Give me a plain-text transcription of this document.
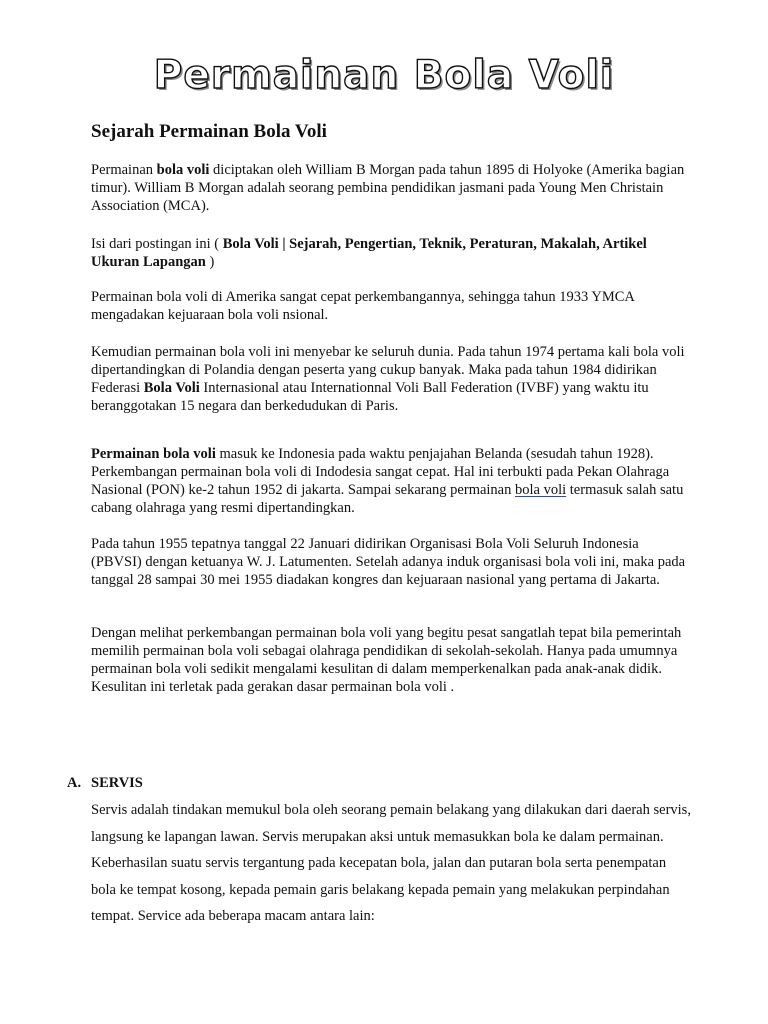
Permainan Bola Voli
Sejarah Permainan Bola Voli

Permainan bola voli diciptakan oleh William B Morgan pada tahun 1895 di Holyoke (Amerika bagian timur). William B Morgan adalah seorang pembina pendidikan jasmani pada Young Men Christain Association (MCA).

Isi dari postingan ini ( Bola Voli | Sejarah, Pengertian, Teknik, Peraturan, Makalah, Artikel Ukuran Lapangan )

Permainan bola voli di Amerika sangat cepat perkembangannya, sehingga tahun 1933 YMCA mengadakan kejuaraan bola voli nsional.

Kemudian permainan bola voli ini menyebar ke seluruh dunia. Pada tahun 1974 pertama kali bola voli dipertandingkan di Polandia dengan peserta yang cukup banyak. Maka pada tahun 1984 didirikan Federasi Bola Voli Internasional atau Internationnal Voli Ball Federation (IVBF) yang waktu itu beranggotakan 15 negara dan berkedudukan di Paris.

Permainan bola voli masuk ke Indonesia pada waktu penjajahan Belanda (sesudah tahun 1928). Perkembangan permainan bola voli di Indodesia sangat cepat. Hal ini terbukti pada Pekan Olahraga Nasional (PON) ke-2 tahun 1952 di jakarta. Sampai sekarang permainan bola voli termasuk salah satu cabang olahraga yang resmi dipertandingkan.

Pada tahun 1955 tepatnya tanggal 22 Januari didirikan Organisasi Bola Voli Seluruh Indonesia (PBVSI) dengan ketuanya W. J. Latumenten. Setelah adanya induk organisasi bola voli ini, maka pada tanggal 28 sampai 30 mei 1955 diadakan kongres dan kejuaraan nasional yang pertama di Jakarta.

Dengan melihat perkembangan permainan bola voli yang begitu pesat sangatlah tepat bila pemerintah memilih permainan bola voli sebagai olahraga pendidikan di sekolah-sekolah. Hanya pada umumnya permainan bola voli sedikit mengalami kesulitan di dalam memperkenalkan pada anak-anak didik. Kesulitan ini terletak pada gerakan dasar permainan bola voli .

A. SERVIS

Servis adalah tindakan memukul bola oleh seorang pemain belakang yang dilakukan dari daerah servis, langsung ke lapangan lawan. Servis merupakan aksi untuk memasukkan bola ke dalam permainan. Keberhasilan suatu servis tergantung pada kecepatan bola, jalan dan putaran bola serta penempatan bola ke tempat kosong, kepada pemain garis belakang kepada pemain yang melakukan perpindahan tempat. Service ada beberapa macam antara lain:
